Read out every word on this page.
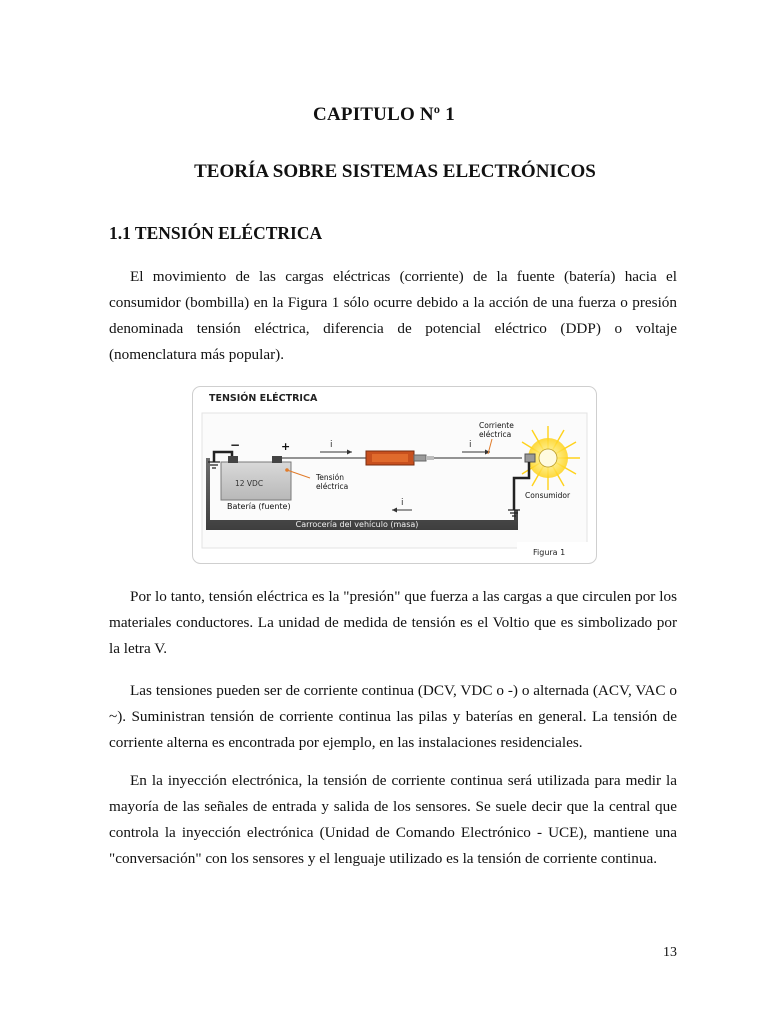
CAPITULO Nº 1
TEORÍA SOBRE SISTEMAS ELECTRÓNICOS
1.1 TENSIÓN ELÉCTRICA

El movimiento de las cargas eléctricas (corriente) de la fuente (batería) hacia el consumidor (bombilla) en la Figura 1 sólo ocurre debido a la acción de una fuerza o presión denominada tensión eléctrica, diferencia de potencial eléctrico (DDP) o voltaje (nomenclatura más popular).

TENSIÓN ELÉCTRICA
Carrocería del vehículo (masa)
i
−	+
12 VDC
Batería (fuente)
Tensión
eléctrica
i	i
Corriente
eléctrica
Consumidor
Figura 1

Por lo tanto, tensión eléctrica es la "presión" que fuerza a las cargas a que circulen por los materiales conductores. La unidad de medida de tensión es el Voltio que es simbolizado por la letra V.

Las tensiones pueden ser de corriente continua (DCV, VDC o -) o alternada (ACV, VAC o ~). Suministran tensión de corriente continua las pilas y baterías en general. La tensión de corriente alterna es encontrada por ejemplo, en las instalaciones residenciales.

En la inyección electrónica, la tensión de corriente continua será utilizada para medir la mayoría de las señales de entrada y salida de los sensores. Se suele decir que la central que controla la inyección electrónica (Unidad de Comando Electrónico - UCE), mantiene una "conversación" con los sensores y el lenguaje utilizado es la tensión de corriente continua.

13
